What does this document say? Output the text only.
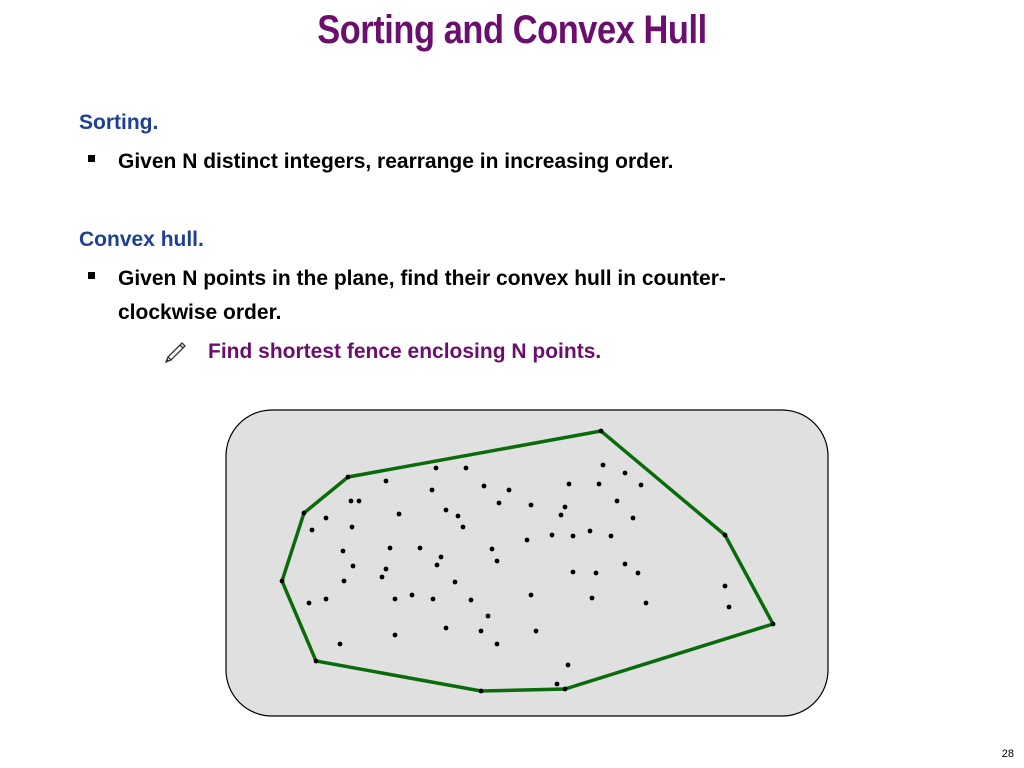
Sorting and Convex Hull
Sorting.
Given N distinct integers, rearrange in increasing order.
Convex hull.
Given N points in the plane, find their convex hull in counter-
clockwise order.
Find shortest fence enclosing N points.
28
